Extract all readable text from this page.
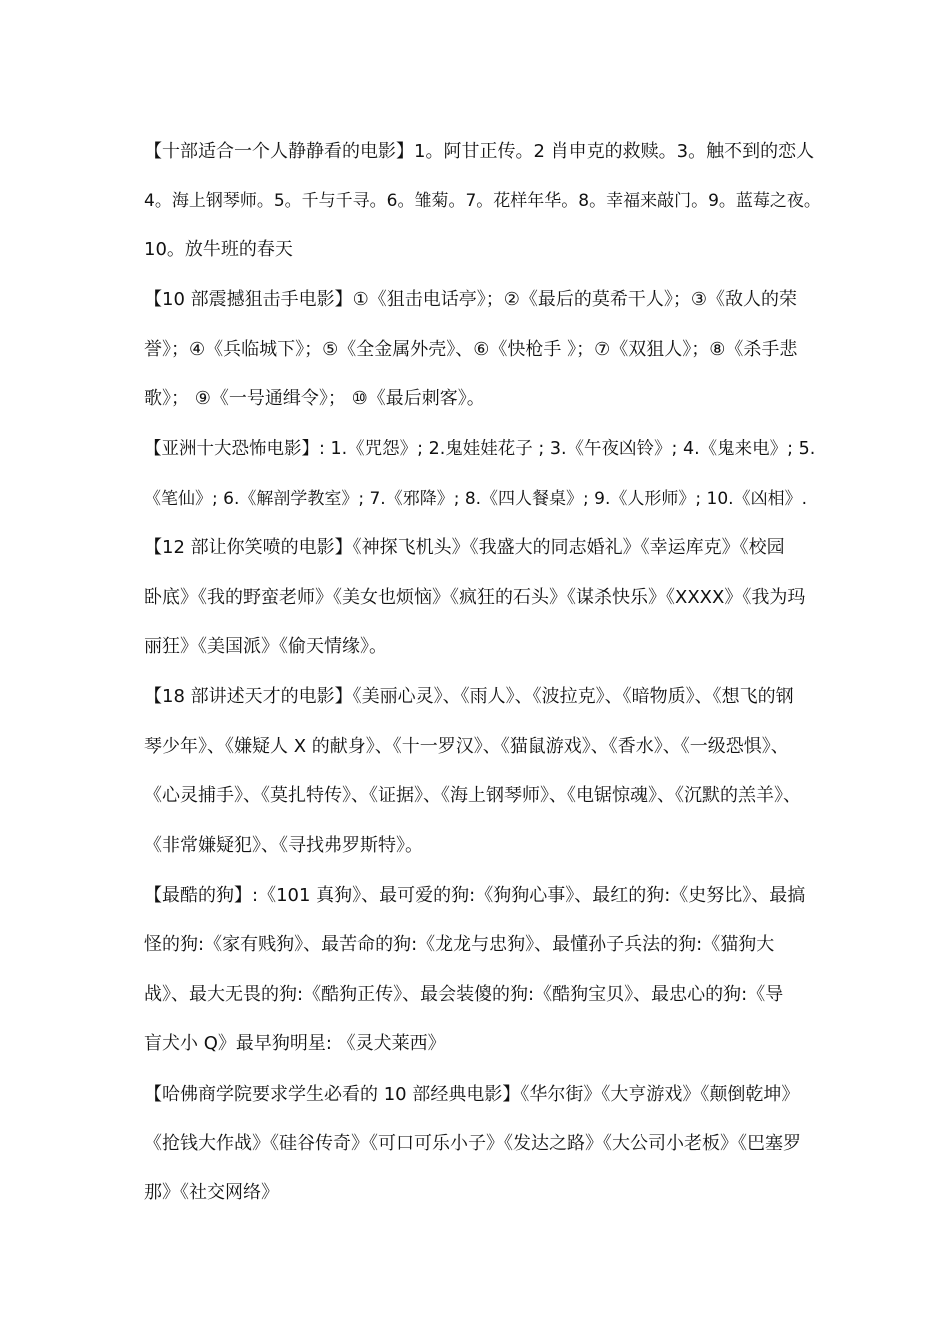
【十部适合一个人静静看的电影】1。阿甘正传。2 肖申克的救赎。3。触不到的恋人
4。海上钢琴师。5。千与千寻。6。雏菊。7。花样年华。8。幸福来敲门。9。蓝莓之夜。
10。放牛班的春天
【10 部震撼狙击手电影】①《狙击电话亭》；②《最后的莫希干人》；③《敌人的荣
誉》；④《兵临城下》；⑤《全金属外壳》、⑥《快枪手 》；⑦《双狙人》；⑧《杀手悲
歌》； ⑨《一号通缉令》； ⑩《最后刺客》。
【亚洲十大恐怖电影】: 1.《咒怨》; 2.鬼娃娃花子 ; 3.《午夜凶铃》; 4.《鬼来电》; 5.
《笔仙》; 6.《解剖学教室》; 7.《邪降》; 8.《四人餐桌》; 9.《人形师》; 10.《凶相》.
【12 部让你笑喷的电影】《神探飞机头》《我盛大的同志婚礼》《幸运库克》《校园
卧底》《我的野蛮老师》《美女也烦恼》《疯狂的石头》《谋杀快乐》《XXXX》《我为玛
丽狂》《美国派》《偷天情缘》。
【18 部讲述天才的电影】《美丽心灵》、《雨人》、《波拉克》、《暗物质》、《想飞的钢
琴少年》、《嫌疑人 X 的献身》、《十一罗汉》、《猫鼠游戏》、《香水》、《一级恐惧》、
《心灵捕手》、《莫扎特传》、《证据》、《海上钢琴师》、《电锯惊魂》、《沉默的羔羊》、
《非常嫌疑犯》、《寻找弗罗斯特》。
【最酷的狗】:《101 真狗》、最可爱的狗:《狗狗心事》、最红的狗:《史努比》、最搞
怪的狗:《家有贱狗》、最苦命的狗:《龙龙与忠狗》、最懂孙子兵法的狗:《猫狗大
战》、最大无畏的狗:《酷狗正传》、最会装傻的狗:《酷狗宝贝》、最忠心的狗:《导
盲犬小 Q》最早狗明星: 《灵犬莱西》
【哈佛商学院要求学生必看的 10 部经典电影】《华尔街》《大亨游戏》《颠倒乾坤》
《抢钱大作战》《硅谷传奇》《可口可乐小子》《发达之路》《大公司小老板》《巴塞罗
那》《社交网络》
